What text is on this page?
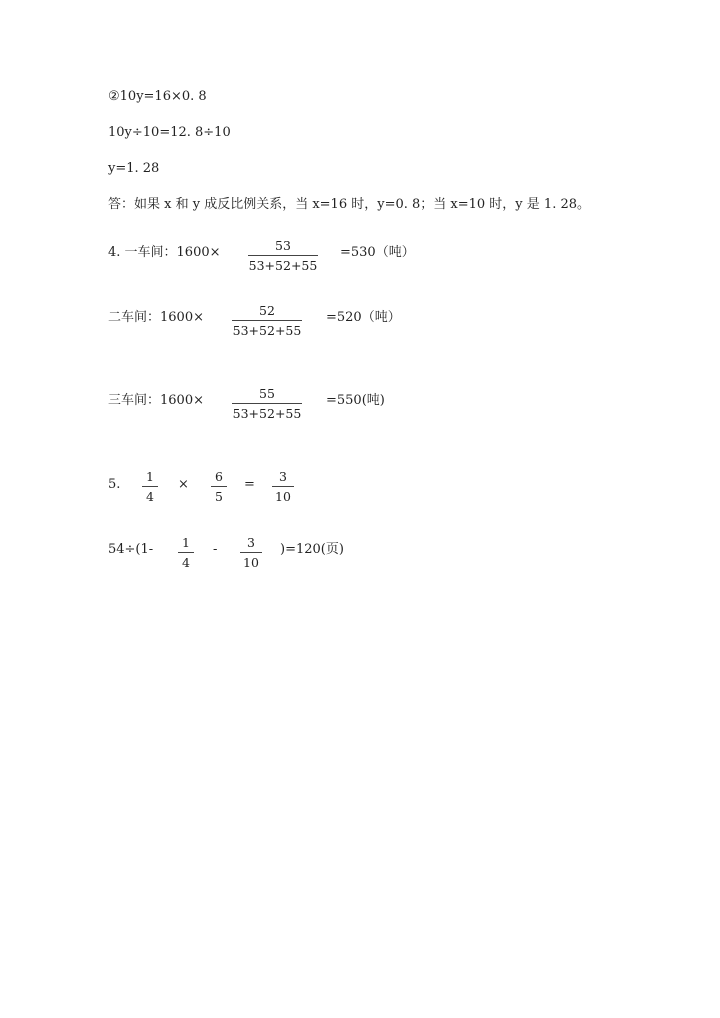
②10y=16×0. 8
10y÷10=12. 8÷10
y=1. 28
答：如果 x 和 y 成反比例关系，当 x=16 时，y=0. 8；当 x=10 时，y 是 1. 28。
4. 一车间：1600×	53
53+52+55
=530（吨）
二车间：1600×	52
53+52+55
=520（吨）
三车间：1600×	55
53+52+55
=550(吨)
5.
1
4
×
6
5
=
3
10
54÷(1- 1
4
- 3
10
)=120(页)
